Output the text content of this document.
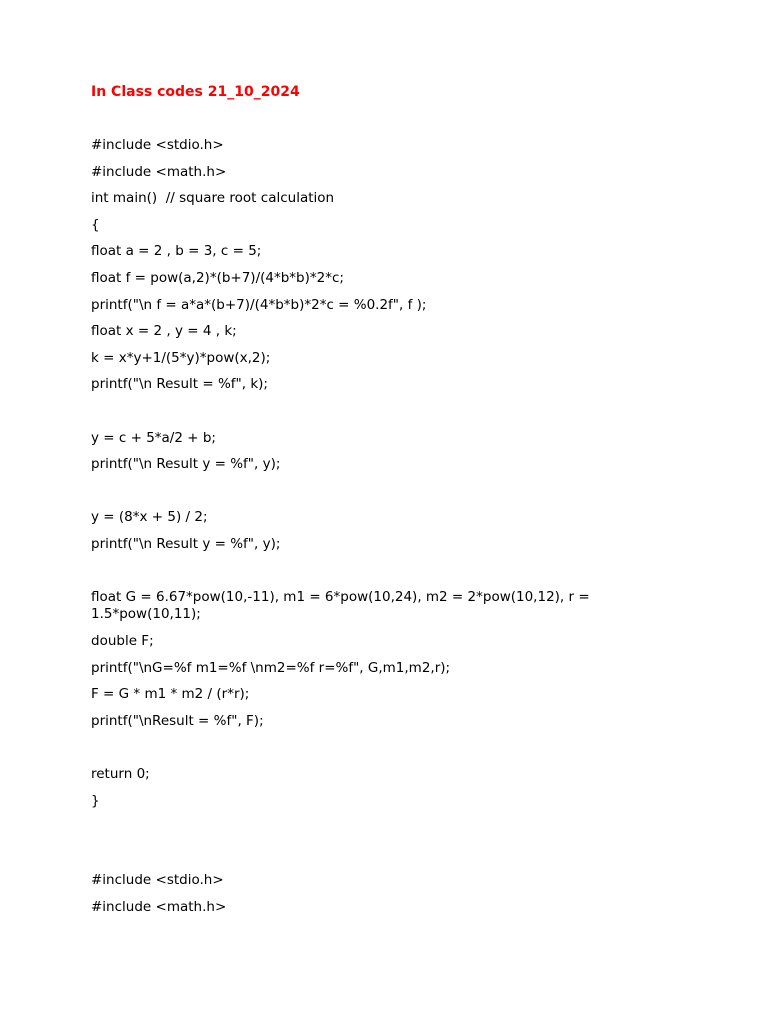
In Class codes 21_10_2024
#include <stdio.h>
#include <math.h>
int main()  // square root calculation
{
float a = 2 , b = 3, c = 5;
float f = pow(a,2)*(b+7)/(4*b*b)*2*c;
printf("\n f = a*a*(b+7)/(4*b*b)*2*c = %0.2f", f );
float x = 2 , y = 4 , k;
k = x*y+1/(5*y)*pow(x,2);
printf("\n Result = %f", k);
y = c + 5*a/2 + b;
printf("\n Result y = %f", y);
y = (8*x + 5) / 2;
printf("\n Result y = %f", y);
float G = 6.67*pow(10,-11), m1 = 6*pow(10,24), m2 = 2*pow(10,12), r = 1.5*pow(10,11);
double F;
printf("\nG=%f m1=%f \nm2=%f r=%f", G,m1,m2,r);
F = G * m1 * m2 / (r*r);
printf("\nResult = %f", F);
return 0;
}
#include <stdio.h>
#include <math.h>
